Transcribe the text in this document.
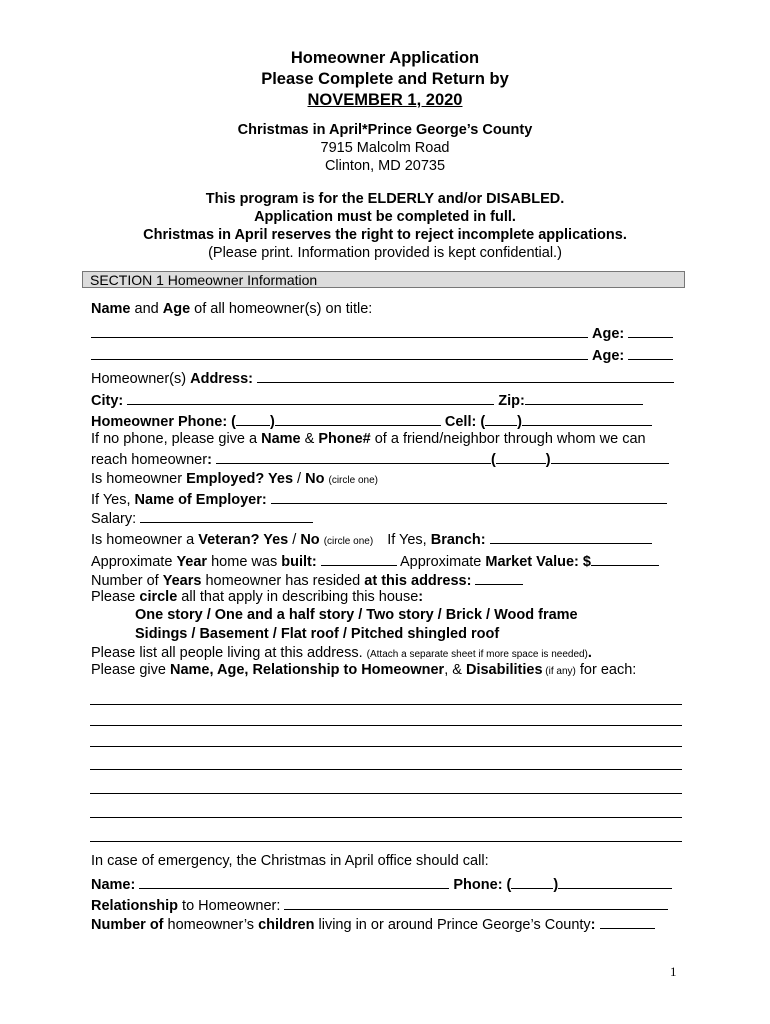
Homeowner Application
Please Complete and Return by
NOVEMBER 1, 2020
Christmas in April*Prince George’s County
7915 Malcolm Road
Clinton, MD 20735
This program is for the ELDERLY and/or DISABLED.
Application must be completed in full.
Christmas in April reserves the right to reject incomplete applications.
(Please print. Information provided is kept confidential.)
SECTION 1 Homeowner Information
Name and Age of all homeowner(s) on title:
Age:
Age:
Homeowner(s) Address:
City:	Zip:
Homeowner Phone: ( )	Cell: ( )
If no phone, please give a Name & Phone# of a friend/neighbor through whom we can
reach homeowner:	(	)
Is homeowner Employed? Yes / No (circle one)
If Yes, Name of Employer:
Salary:
Is homeowner a Veteran? Yes / No (circle one) If Yes, Branch:
Approximate Year home was built:	Approximate Market Value: $
Number of Years homeowner has resided at this address:
Please circle all that apply in describing this house:
One story / One and a half story / Two story / Brick / Wood frame
Sidings / Basement / Flat roof / Pitched shingled roof
Please list all people living at this address. (Attach a separate sheet if more space is needed).
Please give Name, Age, Relationship to Homeowner, & Disabilities (if any) for each:
In case of emergency, the Christmas in April office should call:
Name:	Phone: (	)
Relationship to Homeowner:
Number of homeowner’s children living in or around Prince George’s County:
1
